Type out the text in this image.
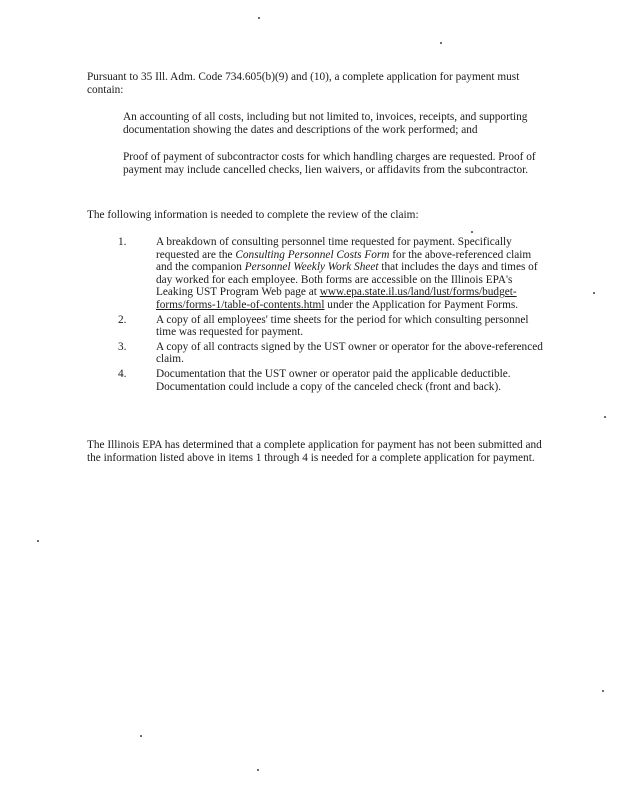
Pursuant to 35 Ill. Adm. Code 734.605(b)(9) and (10), a complete application for payment must contain:

An accounting of all costs, including but not limited to, invoices, receipts, and supporting documentation showing the dates and descriptions of the work performed; and

Proof of payment of subcontractor costs for which handling charges are requested. Proof of payment may include cancelled checks, lien waivers, or affidavits from the subcontractor.

The following information is needed to complete the review of the claim:

1.	A breakdown of consulting personnel time requested for payment. Specifically requested are the Consulting Personnel Costs Form for the above-referenced claim and the companion Personnel Weekly Work Sheet that includes the days and times of day worked for each employee. Both forms are accessible on the Illinois EPA's Leaking UST Program Web page at www.epa.state.il.us/land/lust/forms/budget-forms/forms-1/table-of-contents.html under the Application for Payment Forms.
2.	A copy of all employees' time sheets for the period for which consulting personnel time was requested for payment.
3.	A copy of all contracts signed by the UST owner or operator for the above-referenced claim.
4.	Documentation that the UST owner or operator paid the applicable deductible. Documentation could include a copy of the canceled check (front and back).

The Illinois EPA has determined that a complete application for payment has not been submitted and the information listed above in items 1 through 4 is needed for a complete application for payment.
